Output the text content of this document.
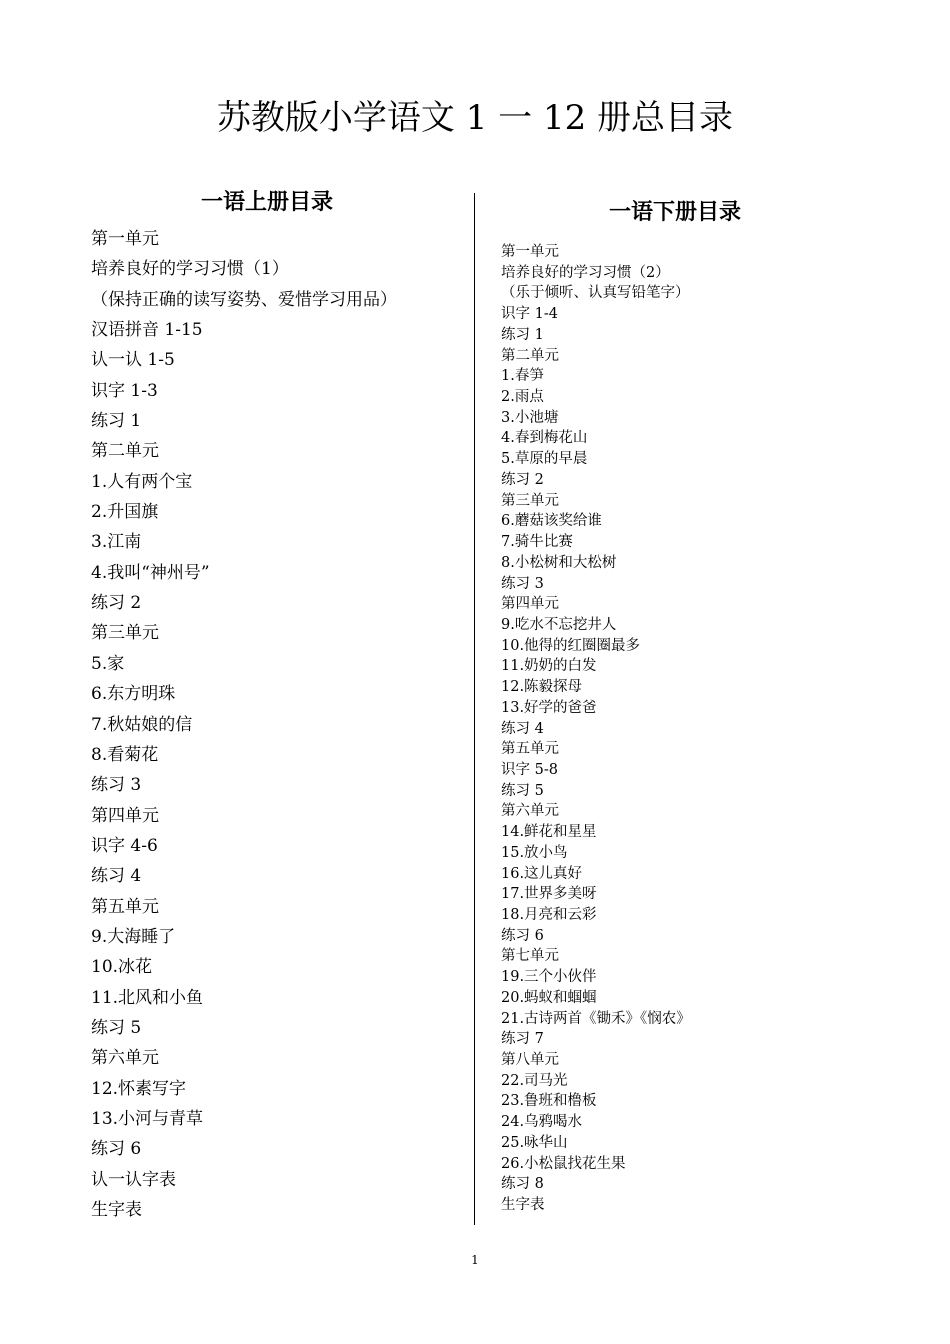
苏教版小学语文 1 一 12 册总目录
一语上册目录
第一单元
培养良好的学习习惯（1）
（保持正确的读写姿势、爱惜学习用品）
汉语拼音 1-15
认一认 1-5
识字 1-3
练习 1
第二单元
1.人有两个宝
2.升国旗
3.江南
4.我叫“神州号”
练习 2
第三单元
5.家
6.东方明珠
7.秋姑娘的信
8.看菊花
练习 3
第四单元
识字 4-6
练习 4
第五单元
9.大海睡了
10.冰花
11.北风和小鱼
练习 5
第六单元
12.怀素写字
13.小河与青草
练习 6
认一认字表
生字表
一语下册目录
第一单元
培养良好的学习习惯（2）
（乐于倾听、认真写铅笔字）
识字 1-4
练习 1
第二单元
1.春笋
2.雨点
3.小池塘
4.春到梅花山
5.草原的早晨
练习 2
第三单元
6.蘑菇该奖给谁
7.骑牛比赛
8.小松树和大松树
练习 3
第四单元
9.吃水不忘挖井人
10.他得的红圈圈最多
11.奶奶的白发
12.陈毅探母
13.好学的爸爸
练习 4
第五单元
识字 5-8
练习 5
第六单元
14.鲜花和星星
15.放小鸟
16.这儿真好
17.世界多美呀
18.月亮和云彩
练习 6
第七单元
19.三个小伙伴
20.蚂蚁和蝈蝈
21.古诗两首《锄禾》《悯农》
练习 7
第八单元
22.司马光
23.鲁班和橹板
24.乌鸦喝水
25.咏华山
26.小松鼠找花生果
练习 8
生字表
1
